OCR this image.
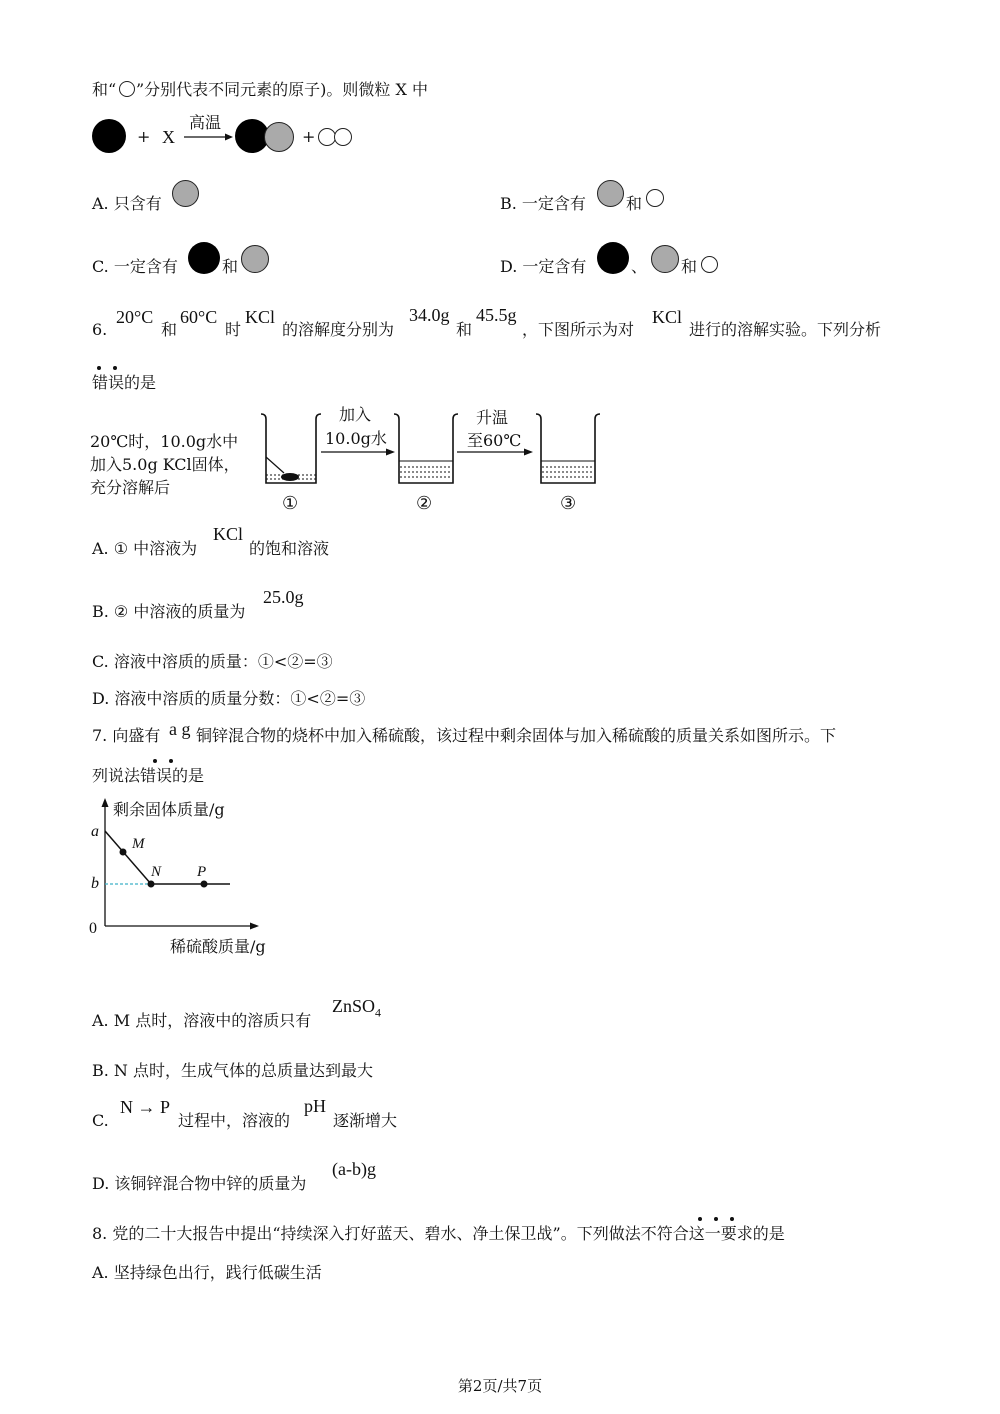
和“ ”分别代表不同元素的原子)。则微粒 X 中
+ X
高温
+
A. 只含有	B. 一定含有	和
C. 一定含有	和	D. 一定含有	、 和
6.
20°C
和
60°C
时
KCl
的溶解度分别为
34.0g
和
45.5g
，下图所示为对
KCl
进行的溶解实验。下列分析
错误的是
20℃时，10.0g水中
加入5.0g KCl固体，
充分溶解后
①
加入
10.0g水
②
升温
至60℃
③
A. ① 中溶液为
KCl
的饱和溶液
B. ② 中溶液的质量为
25.0g
C. 溶液中溶质的质量：①<②=③
D. 溶液中溶质的质量分数：①<②=③
7. 向盛有 a g 铜锌混合物的烧杯中加入稀硫酸，该过程中剩余固体与加入稀硫酸的质量关系如图所示。下
列说法错误的是
剩余固体质量/g
a
b
0
M
N P
稀硫酸质量/g
A. M 点时，溶液中的溶质只有
ZnSO$_4$
B. N 点时，生成气体的总质量达到最大
C.
N → P
过程中，溶液的
pH
逐渐增大
D. 该铜锌混合物中锌的质量为
(a-b)g
8. 党的二十大报告中提出“持续深入打好蓝天、碧水、净土保卫战”。下列做法不符合这一要求的是
A. 坚持绿色出行，践行低碳生活
第2页/共7页
